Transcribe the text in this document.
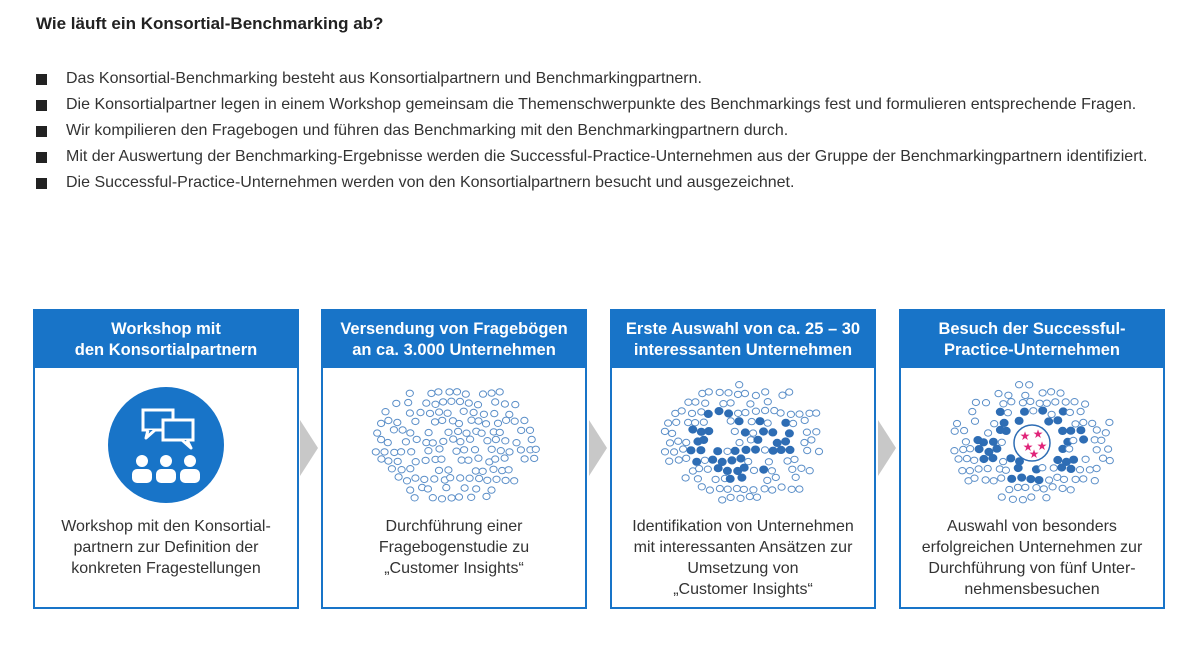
Wie läuft ein Konsortial-Benchmarking ab?
Das Konsortial-Benchmarking besteht aus Konsortialpartnern und Benchmarkingpartnern.
Die Konsortialpartner legen in einem Workshop gemeinsam die Themenschwerpunkte des Benchmarkings fest und formulieren entsprechende Fragen.
Wir kompilieren den Fragebogen und führen das Benchmarking mit den Benchmarkingpartnern durch.
Mit der Auswertung der Benchmarking-Ergebnisse werden die Successful-Practice-Unternehmen aus der Gruppe der Benchmarkingpartnern identifiziert.
Die Successful-Practice-Unternehmen werden von den Konsortialpartnern besucht und ausgezeichnet.
Workshop mit
den Konsortialpartnern
Workshop mit den Konsortial-
partnern zur Definition der
konkreten Fragestellungen
Versendung von Fragebögen
an ca. 3.000 Unternehmen
Durchführung einer
Fragebogenstudie zu
„Customer Insights“
Erste Auswahl von ca. 25 – 30
interessanten Unternehmen
Identifikation von Unternehmen
mit interessanten Ansätzen zur
Umsetzung von
„Customer Insights“
Besuch der Successful-
Practice-Unternehmen
★ ★
★ ★
★
Auswahl von besonders
erfolgreichen Unternehmen zur
Durchführung von fünf Unter-
nehmensbesuchen
